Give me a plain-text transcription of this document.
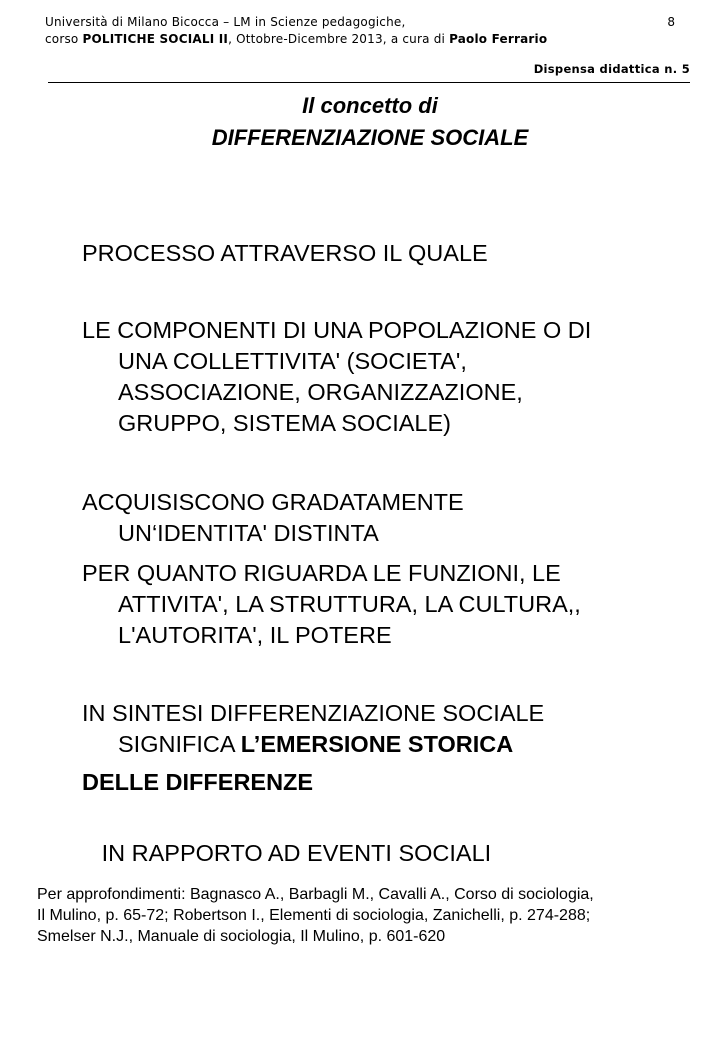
Università di Milano Bicocca – LM in Scienze pedagogiche,
corso POLITICHE SOCIALI II, Ottobre-Dicembre 2013, a cura di Paolo Ferrario
8
Dispensa didattica n. 5
Il concetto di
DIFFERENZIAZIONE SOCIALE
PROCESSO ATTRAVERSO IL QUALE
LE COMPONENTI DI UNA POPOLAZIONE O DI
UNA COLLETTIVITA' (SOCIETA',
ASSOCIAZIONE, ORGANIZZAZIONE,
GRUPPO, SISTEMA SOCIALE)
ACQUISISCONO GRADATAMENTE
UN‘IDENTITA' DISTINTA
PER QUANTO RIGUARDA LE FUNZIONI, LE
ATTIVITA', LA STRUTTURA, LA CULTURA,,
L'AUTORITA', IL POTERE
IN SINTESI DIFFERENZIAZIONE SOCIALE
SIGNIFICA L’EMERSIONE STORICA
DELLE DIFFERENZE

IN RAPPORTO AD EVENTI SOCIALI

Per approfondimenti: Bagnasco A., Barbagli M., Cavalli A., Corso di sociologia,
Il Mulino, p. 65-72; Robertson I., Elementi di sociologia, Zanichelli, p. 274-288;
Smelser N.J., Manuale di sociologia, Il Mulino, p. 601-620
